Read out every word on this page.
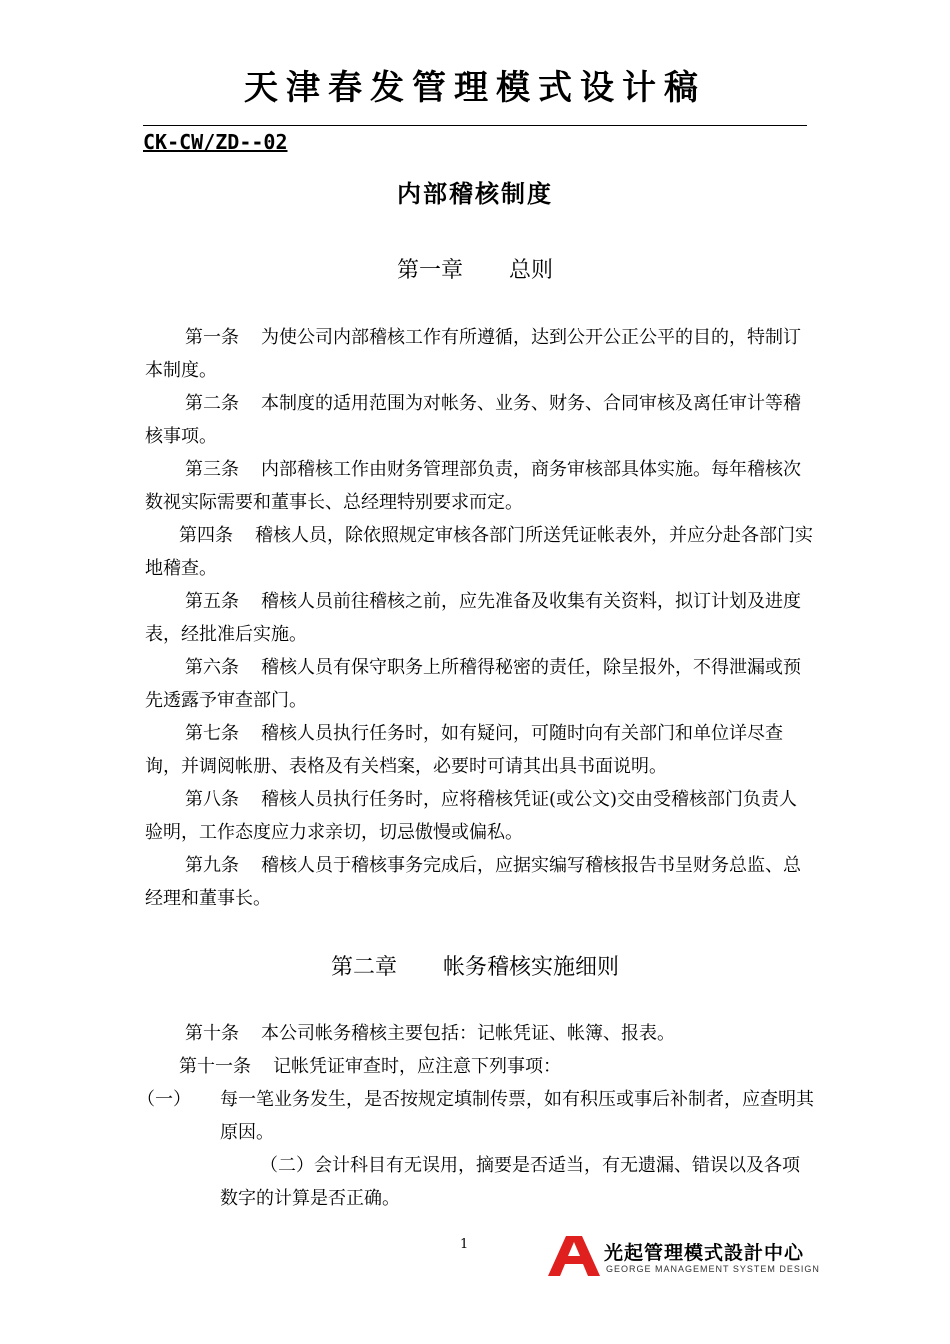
天津春发管理模式设计稿
CK-CW/ZD--02
内部稽核制度
第一章 总则

第一条 为使公司内部稽核工作有所遵循，达到公开公正公平的目的，特制订本制度。

第二条 本制度的适用范围为对帐务、业务、财务、合同审核及离任审计等稽核事项。

第三条 内部稽核工作由财务管理部负责，商务审核部具体实施。每年稽核次数视实际需要和董事长、总经理特别要求而定。

第四条 稽核人员，除依照规定审核各部门所送凭证帐表外，并应分赴各部门实地稽查。

第五条 稽核人员前往稽核之前，应先准备及收集有关资料，拟订计划及进度表，经批准后实施。

第六条 稽核人员有保守职务上所稽得秘密的责任，除呈报外，不得泄漏或预先透露予审查部门。

第七条 稽核人员执行任务时，如有疑问，可随时向有关部门和单位详尽查询，并调阅帐册、表格及有关档案，必要时可请其出具书面说明。

第八条 稽核人员执行任务时，应将稽核凭证(或公文)交由受稽核部门负责人验明，工作态度应力求亲切，切忌傲慢或偏私。

第九条 稽核人员于稽核事务完成后，应据实编写稽核报告书呈财务总监、总经理和董事长。

第二章 帐务稽核实施细则

第十条 本公司帐务稽核主要包括：记帐凭证、帐簿、报表。

第十一条 记帐凭证审查时，应注意下列事项：

（一） 每一笔业务发生，是否按规定填制传票，如有积压或事后补制者，应查明其原因。

（二）会计科目有无误用，摘要是否适当，有无遗漏、错误以及各项数字的计算是否正确。

1	光起管理模式設計中心
GEORGE MANAGEMENT SYSTEM DESIGN
